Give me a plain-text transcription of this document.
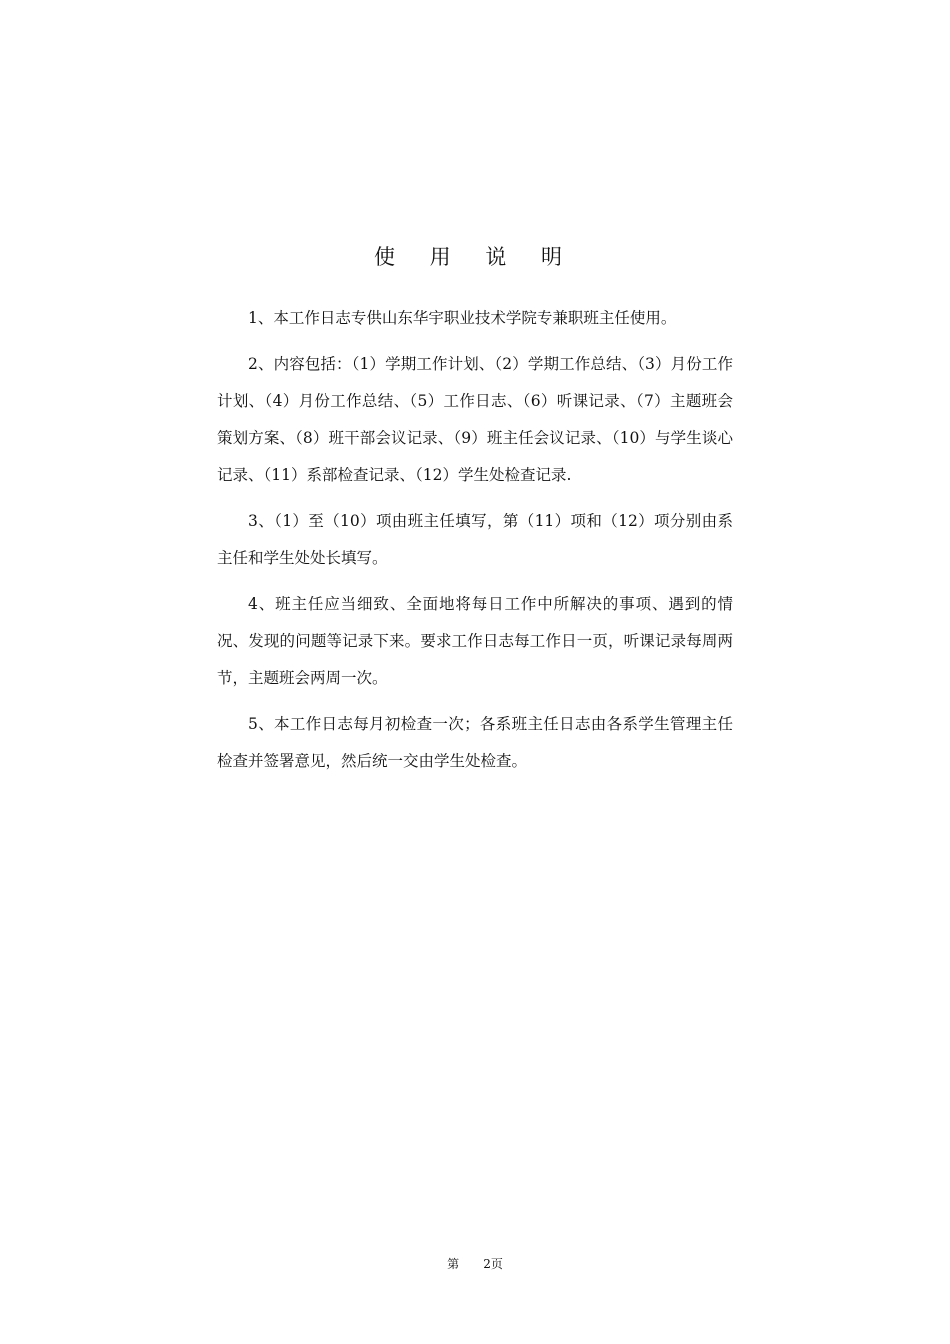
使 用 说 明

1、本工作日志专供山东华宇职业技术学院专兼职班主任使用。

2、内容包括：（1）学期工作计划、（2）学期工作总结、（3）月份工作计划、（4）月份工作总结、（5）工作日志、（6）听课记录、（7）主题班会策划方案、（8）班干部会议记录、（9）班主任会议记录、（10）与学生谈心记录、（11）系部检查记录、（12）学生处检查记录.

3、（1）至（10）项由班主任填写，第（11）项和（12）项分别由系主任和学生处处长填写。

4、班主任应当细致、全面地将每日工作中所解决的事项、遇到的情况、发现的问题等记录下来。要求工作日志每工作日一页，听课记录每周两节，主题班会两周一次。

5、本工作日志每月初检查一次；各系班主任日志由各系学生管理主任检查并签署意见，然后统一交由学生处检查。

第 2页
